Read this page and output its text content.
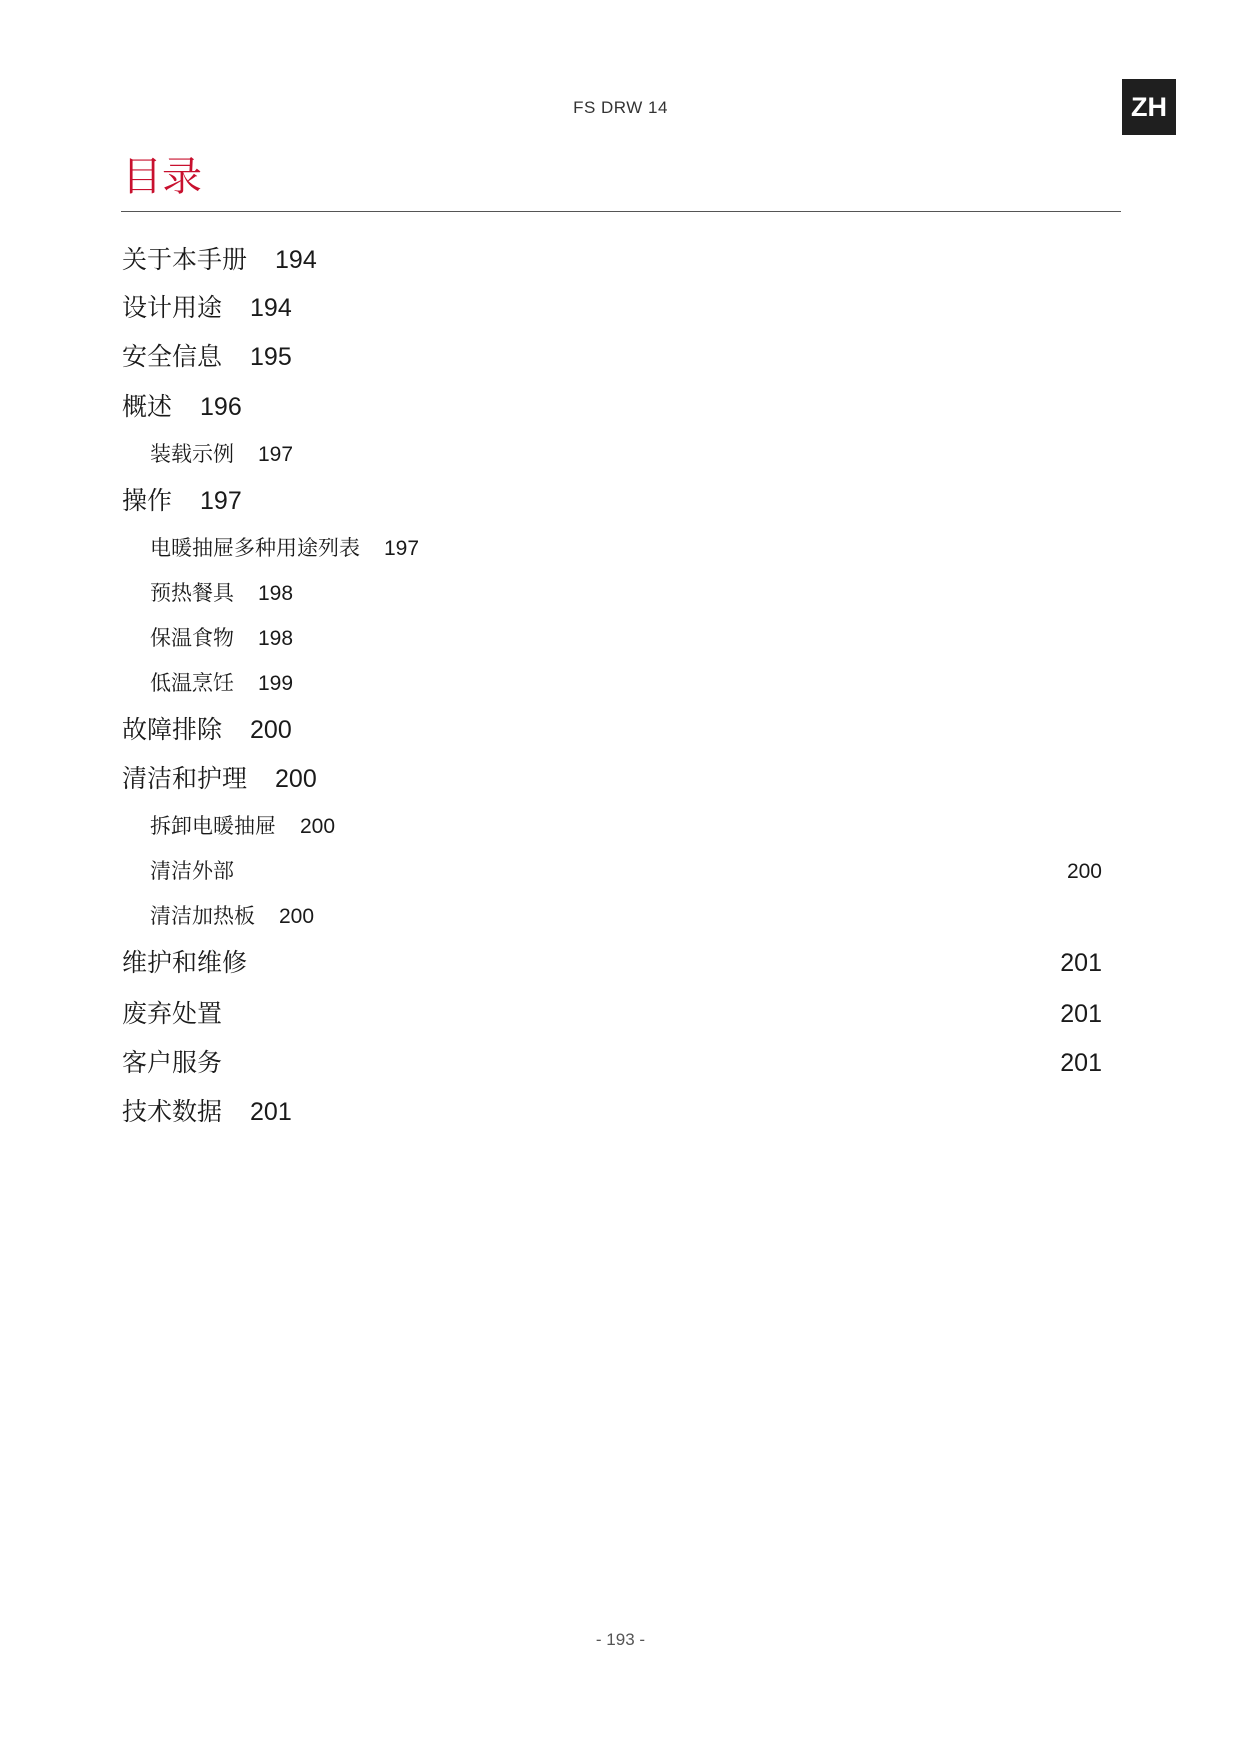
FS DRW 14	ZH
目录
关于本手册 194
设计用途 194
安全信息 195
概述 196
装载示例 197
操作 197
电暖抽屉多种用途列表 197
预热餐具 198
保温食物 198
低温烹饪 199
故障排除 200
清洁和护理 200
拆卸电暖抽屉 200
清洁外部	200
清洁加热板 200
维护和维修	201
废弃处置	201
客户服务	201
技术数据 201
- 193 -
